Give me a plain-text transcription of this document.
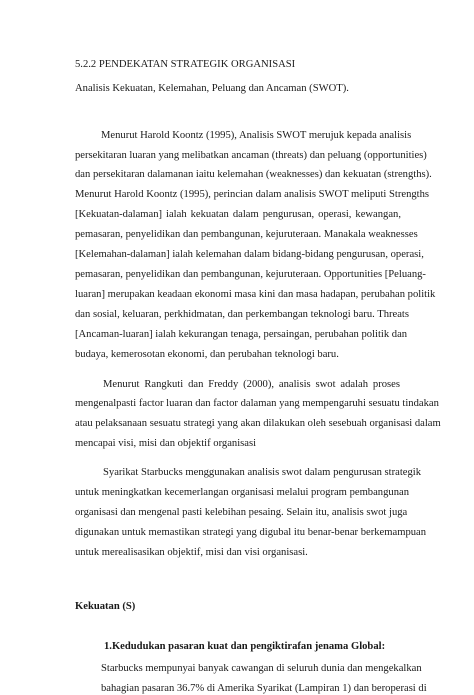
5.2.2 PENDEKATAN STRATEGIK ORGANISASI
Analisis Kekuatan, Kelemahan, Peluang dan Ancaman (SWOT).
Menurut Harold Koontz (1995), Analisis SWOT merujuk kepada analisis
persekitaran luaran yang melibatkan ancaman (threats) dan peluang (opportunities)
dan persekitaran dalamanan iaitu kelemahan (weaknesses) dan kekuatan (strengths).
Menurut Harold Koontz (1995), perincian dalam analisis SWOT meliputi Strengths
[Kekuatan-dalaman] ialah kekuatan dalam pengurusan, operasi, kewangan,
pemasaran, penyelidikan dan pembangunan, kejuruteraan. Manakala weaknesses
[Kelemahan-dalaman] ialah kelemahan dalam bidang-bidang pengurusan, operasi,
pemasaran, penyelidikan dan pembangunan, kejuruteraan. Opportunities [Peluang-
luaran] merupakan keadaan ekonomi masa kini dan masa hadapan, perubahan politik
dan sosial, keluaran, perkhidmatan, dan perkembangan teknologi baru. Threats
[Ancaman-luaran] ialah kekurangan tenaga, persaingan, perubahan politik dan
budaya, kemerosotan ekonomi, dan perubahan teknologi baru.
Menurut Rangkuti dan Freddy (2000), analisis swot adalah proses
mengenalpasti factor luaran dan factor dalaman yang mempengaruhi sesuatu tindakan
atau pelaksanaan sesuatu strategi yang akan dilakukan oleh sesebuah organisasi dalam
mencapai visi, misi dan objektif organisasi
Syarikat Starbucks menggunakan analisis swot dalam pengurusan strategik
untuk meningkatkan kecemerlangan organisasi melalui program pembangunan
organisasi dan mengenal pasti kelebihan pesaing. Selain itu, analisis swot juga
digunakan untuk memastikan strategi yang digubal itu benar-benar berkemampuan
untuk merealisasikan objektif, misi dan visi organisasi.
Kekuatan (S)
1.Kedudukan pasaran kuat dan pengiktirafan jenama Global:
Starbucks mempunyai banyak cawangan di seluruh dunia dan mengekalkan
bahagian pasaran 36.7% di Amerika Syarikat (Lampiran 1) dan beroperasi di
